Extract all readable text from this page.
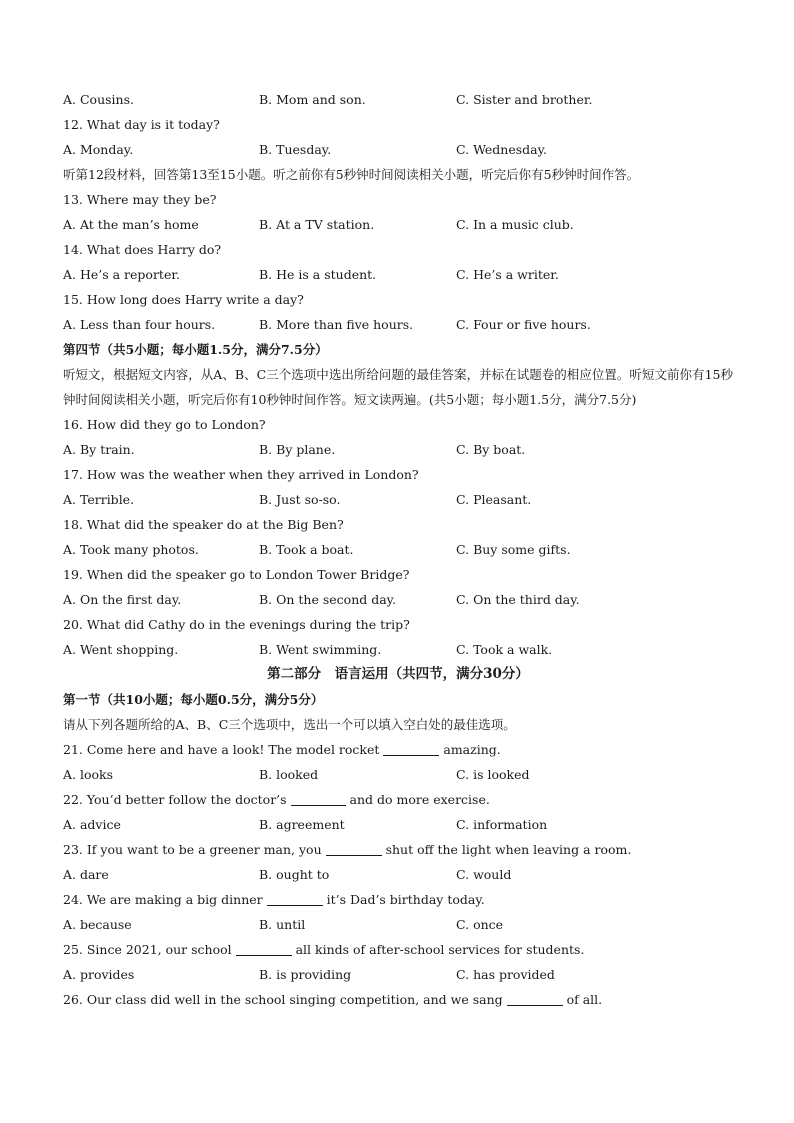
A. Cousins.	B. Mom and son.	C. Sister and brother.
12. What day is it today?
A. Monday.	B. Tuesday.	C. Wednesday.
听第12段材料，回答第13至15小题。听之前你有5秒钟时间阅读相关小题，听完后你有5秒钟时间作答。
13. Where may they be?
A. At the man’s home	B. At a TV station.	C. In a music club.
14. What does Harry do?
A. He’s a reporter.	B. He is a student.	C. He’s a writer.
15. How long does Harry write a day?
A. Less than four hours.	B. More than five hours.	C. Four or five hours.
第四节（共5小题；每小题1.5分，满分7.5分）
听短文，根据短文内容，从A、B、C三个选项中选出所给问题的最佳答案，并标在试题卷的相应位置。听短文前你有15秒钟时间阅读相关小题，听完后你有10秒钟时间作答。短文读两遍。(共5小题；每小题1.5分，满分7.5分)
16. How did they go to London?
A. By train.	B. By plane.	C. By boat.
17. How was the weather when they arrived in London?
A. Terrible.	B. Just so-so.	C. Pleasant.
18. What did the speaker do at the Big Ben?
A. Took many photos.	B. Took a boat.	C. Buy some gifts.
19. When did the speaker go to London Tower Bridge?
A. On the first day.	B. On the second day.	C. On the third day.
20. What did Cathy do in the evenings during the trip?
A. Went shopping.	B. Went swimming.	C. Took a walk.
第二部分　语言运用（共四节，满分30分）
第一节（共10小题；每小题0.5分，满分5分）
请从下列各题所给的A、B、C三个选项中，选出一个可以填入空白处的最佳选项。
21. Come here and have a look! The model rocket	amazing.
A. looks	B. looked	C. is looked
22. You’d better follow the doctor’s	and do more exercise.
A. advice	B. agreement	C. information
23. If you want to be a greener man, you	shut off the light when leaving a room.
A. dare	B. ought to	C. would
24. We are making a big dinner	it’s Dad’s birthday today.
A. because	B. until	C. once
25. Since 2021, our school	all kinds of after-school services for students.
A. provides	B. is providing	C. has provided
26. Our class did well in the school singing competition, and we sang	of all.
